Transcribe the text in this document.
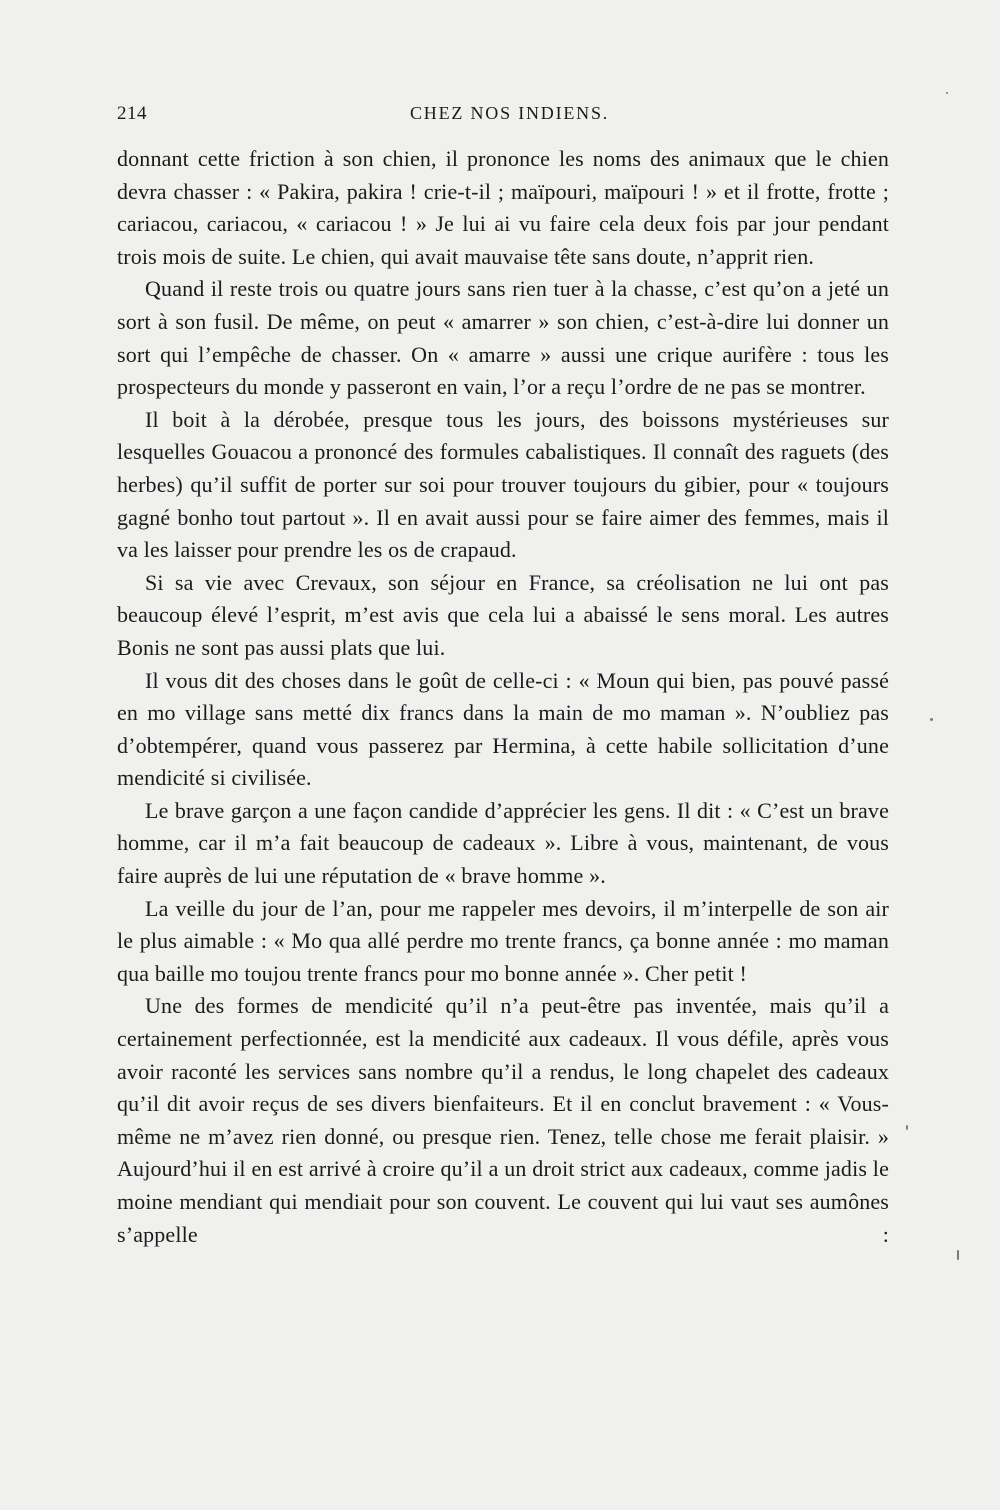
214	CHEZ NOS INDIENS.

donnant cette friction à son chien, il prononce les noms des animaux que le chien devra chasser : « Pakira, pakira ! crie-t-il ; maïpouri, maïpouri ! » et il frotte, frotte ; cariacou, cariacou, « cariacou ! » Je lui ai vu faire cela deux fois par jour pendant trois mois de suite. Le chien, qui avait mauvaise tête sans doute, n’apprit rien.

Quand il reste trois ou quatre jours sans rien tuer à la chasse, c’est qu’on a jeté un sort à son fusil. De même, on peut « amarrer » son chien, c’est-à-dire lui donner un sort qui l’empêche de chasser. On « amarre » aussi une crique aurifère : tous les prospecteurs du monde y passeront en vain, l’or a reçu l’ordre de ne pas se montrer.

Il boit à la dérobée, presque tous les jours, des boissons mystérieuses sur lesquelles Gouacou a prononcé des formules cabalistiques. Il connaît des raguets (des herbes) qu’il suffit de porter sur soi pour trouver toujours du gibier, pour « toujours gagné bonho tout partout ». Il en avait aussi pour se faire aimer des femmes, mais il va les laisser pour prendre les os de crapaud.

Si sa vie avec Crevaux, son séjour en France, sa créolisation ne lui ont pas beaucoup élevé l’esprit, m’est avis que cela lui a abaissé le sens moral. Les autres Bonis ne sont pas aussi plats que lui.

Il vous dit des choses dans le goût de celle-ci : « Moun qui bien, pas pouvé passé en mo village sans metté dix francs dans la main de mo maman ». N’oubliez pas d’obtempérer, quand vous passerez par Hermina, à cette habile sollicitation d’une mendicité si civilisée.

Le brave garçon a une façon candide d’apprécier les gens. Il dit : « C’est un brave homme, car il m’a fait beaucoup de cadeaux ». Libre à vous, maintenant, de vous faire auprès de lui une réputation de « brave homme ».

La veille du jour de l’an, pour me rappeler mes devoirs, il m’interpelle de son air le plus aimable : « Mo qua allé perdre mo trente francs, ça bonne année : mo maman qua baille mo toujou trente francs pour mo bonne année ». Cher petit !

Une des formes de mendicité qu’il n’a peut-être pas inventée, mais qu’il a certainement perfectionnée, est la mendicité aux cadeaux. Il vous défile, après vous avoir raconté les services sans nombre qu’il a rendus, le long chapelet des cadeaux qu’il dit avoir reçus de ses divers bienfaiteurs. Et il en conclut bravement : « Vous-même ne m’avez rien donné, ou presque rien. Tenez, telle chose me ferait plaisir. » Aujourd’hui il en est arrivé à croire qu’il a un droit strict aux cadeaux, comme jadis le moine mendiant qui mendiait pour son couvent. Le couvent qui lui vaut ses aumônes s’appelle :
